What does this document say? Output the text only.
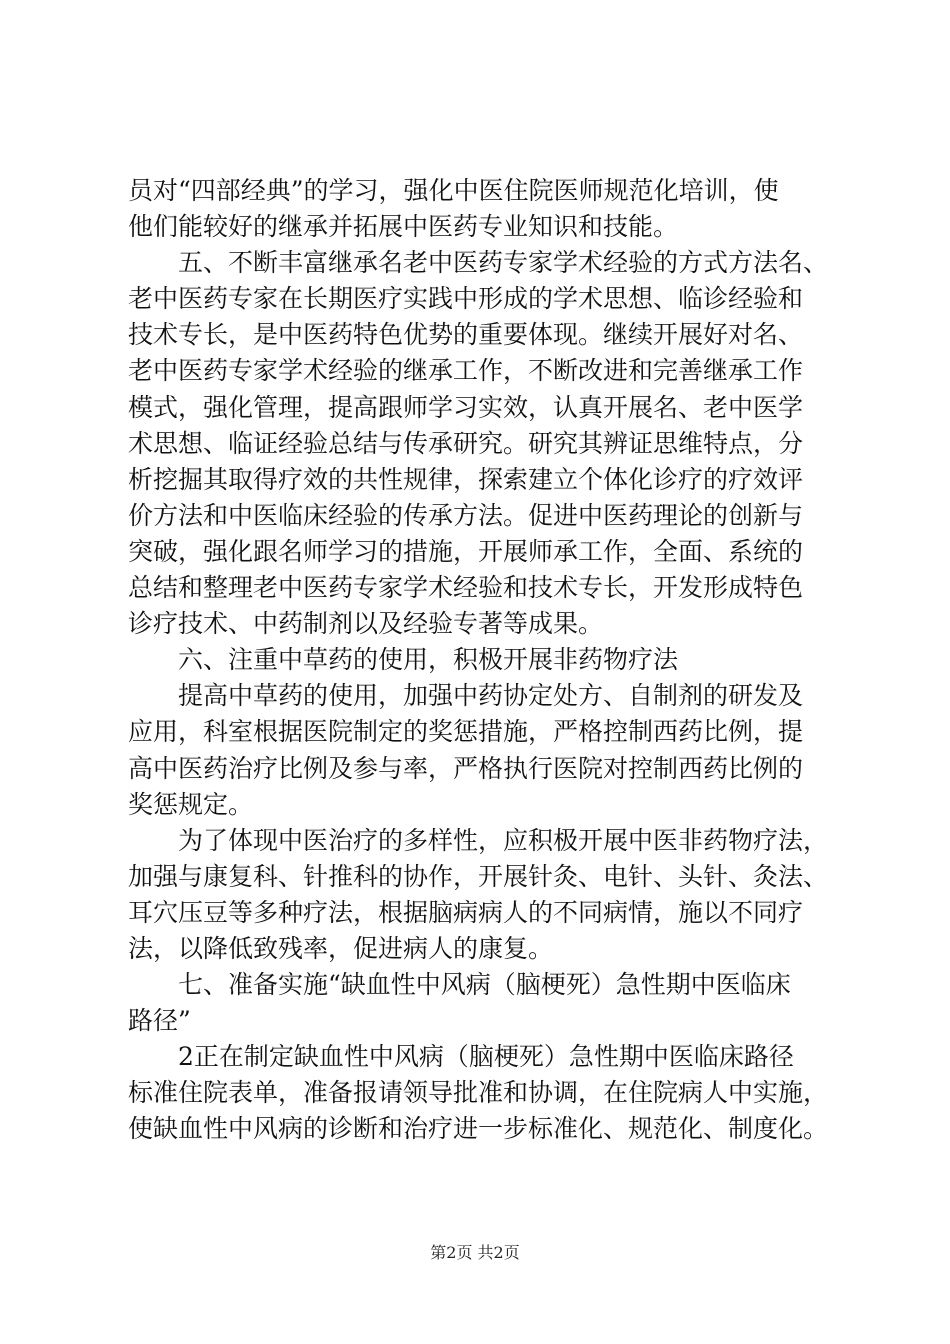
员对“四部经典”的学习，强化中医住院医师规范化培训，使
他们能较好的继承并拓展中医药专业知识和技能。
　　五、不断丰富继承名老中医药专家学术经验的方式方法名、
老中医药专家在长期医疗实践中形成的学术思想、临诊经验和
技术专长，是中医药特色优势的重要体现。继续开展好对名、
老中医药专家学术经验的继承工作，不断改进和完善继承工作
模式，强化管理，提高跟师学习实效，认真开展名、老中医学
术思想、临证经验总结与传承研究。研究其辨证思维特点，分
析挖掘其取得疗效的共性规律，探索建立个体化诊疗的疗效评
价方法和中医临床经验的传承方法。促进中医药理论的创新与
突破，强化跟名师学习的措施，开展师承工作，全面、系统的
总结和整理老中医药专家学术经验和技术专长，开发形成特色
诊疗技术、中药制剂以及经验专著等成果。
　　六、注重中草药的使用，积极开展非药物疗法
　　提高中草药的使用，加强中药协定处方、自制剂的研发及
应用，科室根据医院制定的奖惩措施，严格控制西药比例，提
高中医药治疗比例及参与率，严格执行医院对控制西药比例的
奖惩规定。
　　为了体现中医治疗的多样性，应积极开展中医非药物疗法，
加强与康复科、针推科的协作，开展针灸、电针、头针、灸法、
耳穴压豆等多种疗法，根据脑病病人的不同病情，施以不同疗
法，以降低致残率，促进病人的康复。
　　七、准备实施“缺血性中风病（脑梗死）急性期中医临床
路径”
　　2正在制定缺血性中风病（脑梗死）急性期中医临床路径
标准住院表单，准备报请领导批准和协调，在住院病人中实施，
使缺血性中风病的诊断和治疗进一步标准化、规范化、制度化。
第2页 共2页
